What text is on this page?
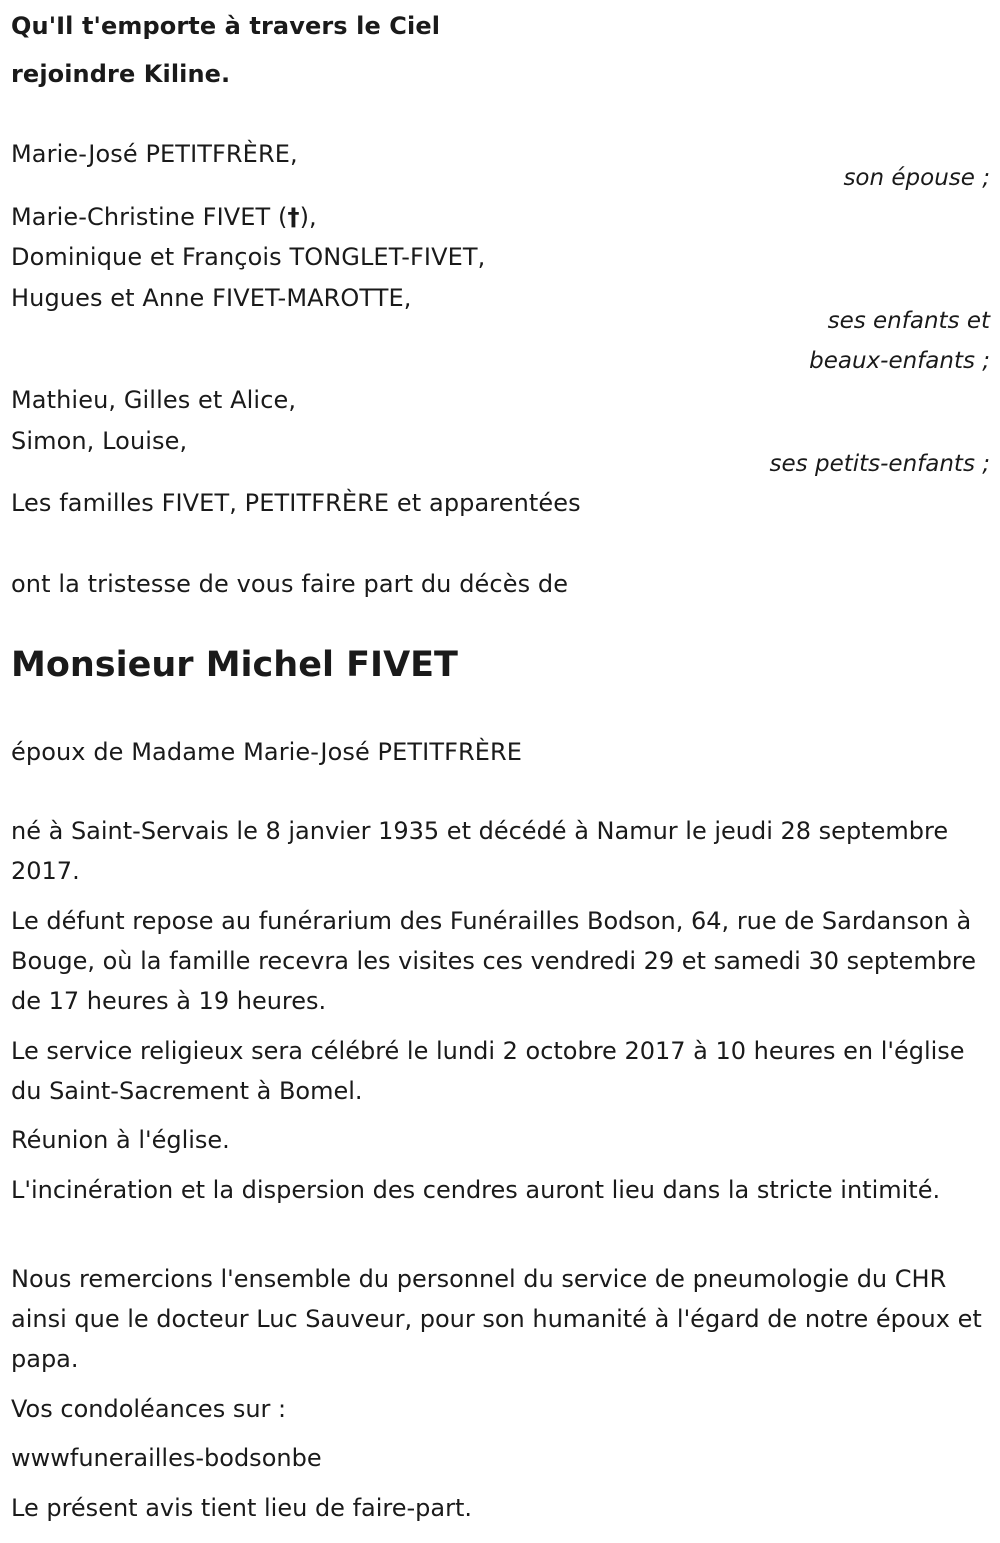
Qu'Il t'emporte à travers le Ciel
rejoindre Kiline.
Marie-José PETITFRÈRE,
son épouse ;
Marie-Christine FIVET (†),
Dominique et François TONGLET-FIVET,
Hugues et Anne FIVET-MAROTTE,
ses enfants et
beaux-enfants ;
Mathieu, Gilles et Alice,
Simon, Louise,
ses petits-enfants ;
Les familles FIVET, PETITFRÈRE et apparentées
ont la tristesse de vous faire part du décès de
Monsieur Michel FIVET
époux de Madame Marie-José PETITFRÈRE
né à Saint-Servais le 8 janvier 1935 et décédé à Namur le jeudi 28 septembre 2017.
Le défunt repose au funérarium des Funérailles Bodson, 64, rue de Sardanson à Bouge, où la famille recevra les visites ces vendredi 29 et samedi 30 septembre de 17 heures à 19 heures.
Le service religieux sera célébré le lundi 2 octobre 2017 à 10 heures en l'église du Saint-Sacrement à Bomel.
Réunion à l'église.
L'incinération et la dispersion des cendres auront lieu dans la stricte intimité.
Nous remercions l'ensemble du personnel du service de pneumologie du CHR ainsi que le docteur Luc Sauveur, pour son humanité à l'égard de notre époux et papa.
Vos condoléances sur :
wwwfunerailles-bodsonbe
Le présent avis tient lieu de faire-part.
